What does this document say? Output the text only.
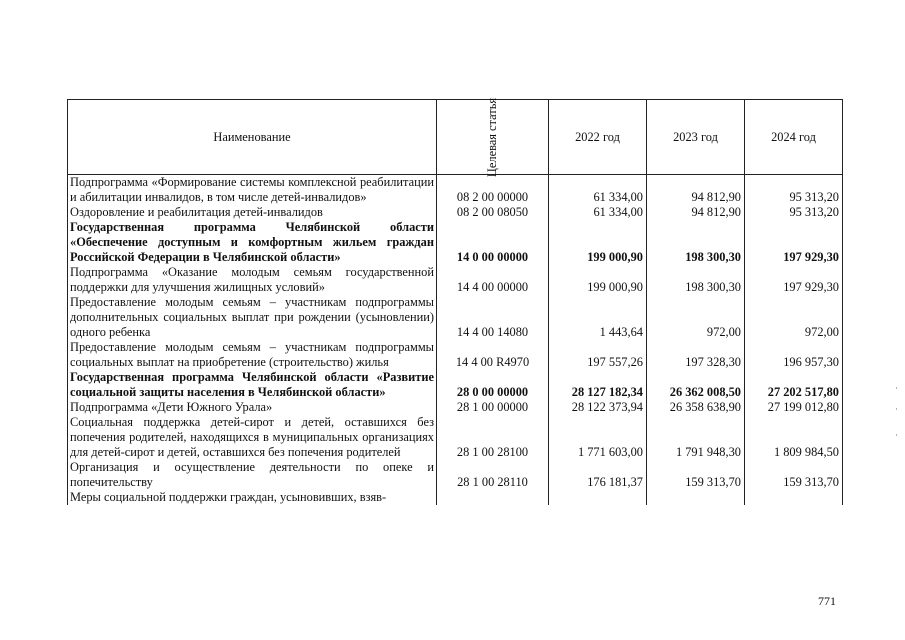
Наименование	Целевая статья	2022 год	2023 год	2024 год
Подпрограмма «Формирование системы комплексной реабилитации и абилитации инвалидов, в том числе детей-инвалидов»	08 2 00 00000	61 334,00	94 812,90	95 313,20
Оздоровление и реабилитация детей-инвалидов	08 2 00 08050	61 334,00	94 812,90	95 313,20
Государственная программа Челябинской области «Обеспечение доступным и комфортным жильем граждан Российской Федерации в Челябинской области»	14 0 00 00000	199 000,90	198 300,30	197 929,30
Подпрограмма «Оказание молодым семьям государственной поддержки для улучшения жилищных условий»	14 4 00 00000	199 000,90	198 300,30	197 929,30
Предоставление молодым семьям – участникам подпрограммы дополнительных социальных выплат при рождении (усыновлении) одного ребенка	14 4 00 14080	1 443,64	972,00	972,00
Предоставление молодым семьям – участникам подпрограммы социальных выплат на приобретение (строительство) жилья	14 4 00 R4970	197 557,26	197 328,30	196 957,30
Государственная программа Челябинской области «Развитие социальной защиты населения в Челябинской области»	28 0 00 00000	28 127 182,34	26 362 008,50	27 202 517,80
Подпрограмма «Дети Южного Урала»	28 1 00 00000	28 122 373,94	26 358 638,90	27 199 012,80
Социальная поддержка детей-сирот и детей, оставшихся без попечения родителей, находящихся в муниципальных организациях для детей-сирот и детей, оставшихся без попечения родителей	28 1 00 28100	1 771 603,00	1 791 948,30	1 809 984,50
Организация и осуществление деятельности по опеке и попечительству	28 1 00 28110	176 181,37	159 313,70	159 313,70
Меры социальной поддержки граждан, усыновивших, взяв-				
771
·
·
·
